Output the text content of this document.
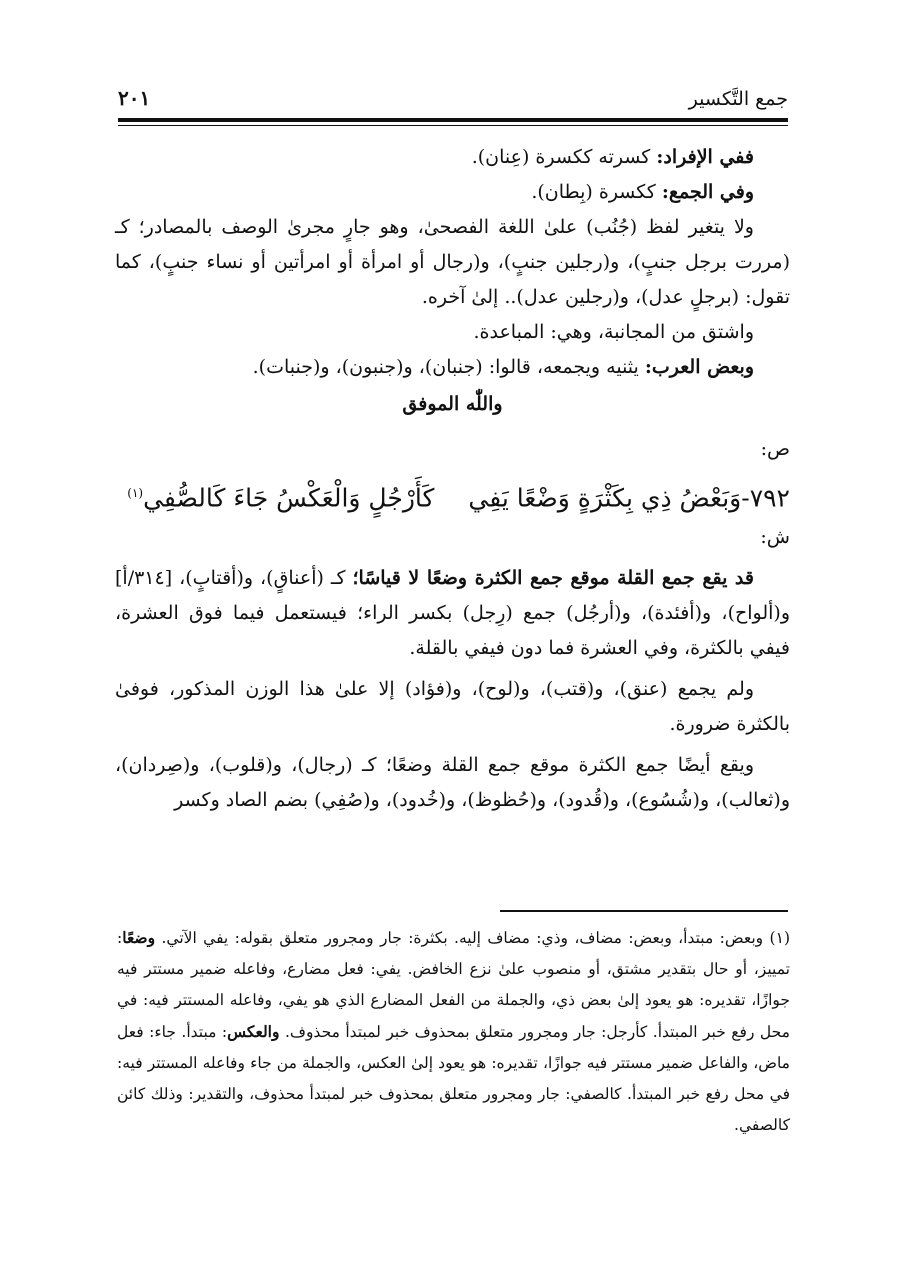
جمع التَّكسير
٢٠١

ففي الإفراد: كسرته ككسرة (عِنان).

وفي الجمع: ككسرة (بِطان).

ولا يتغير لفظ (جُنُب) علىٰ اللغة الفصحىٰ، وهو جارٍ مجرىٰ الوصف بالمصادر؛ كـ (مررت برجل جنبٍ)، و(رجلين جنبٍ)، و(رجال أو امرأة أو امرأتين أو نساء جنبٍ)، كما تقول: (برجلٍ عدل)، و(رجلين عدل).. إلىٰ آخره.

واشتق من المجانبة، وهي: المباعدة.

وبعض العرب: يثنيه ويجمعه، قالوا: (جنبان)، و(جنبون)، و(جنبات).

واللّٰه الموفق

ص:

٧٩٢-وَبَعْضُ ذِي بِكَثْرَةٍ وَضْعًا يَفِيكَأَرْجُلٍ وَالْعَكْسُ جَاءَ كَالصُّفِي$^{(١)}$

ش:

قد يقع جمع القلة موقع جمع الكثرة وضعًا لا قياسًا؛ كـ (أعناقٍ)، و(أقتابٍ)، [٣١٤/أ] و(ألواح)، و(أفئدة)، و(أرجُل) جمع (رِجل) بكسر الراء؛ فيستعمل فيما فوق العشرة، فيفي بالكثرة، وفي العشرة فما دون فيفي بالقلة.

ولم يجمع (عنق)، و(قتب)، و(لوح)، و(فؤاد) إلا علىٰ هذا الوزن المذكور، فوفىٰ بالكثرة ضرورة.

ويقع أيضًا جمع الكثرة موقع جمع القلة وضعًا؛ كـ (رجال)، و(قلوب)، و(صِردان)، و(ثعالب)، و(شُسُوع)، و(قُدود)، و(حُظوظ)، و(خُدود)، و(صُفِي) بضم الصاد وكسر

(١) وبعض: مبتدأ، وبعض: مضاف، وذي: مضاف إليه. بكثرة: جار ومجرور متعلق بقوله: يفي الآتي. وضعًا: تمييز، أو حال بتقدير مشتق، أو منصوب علىٰ نزع الخافض. يفي: فعل مضارع، وفاعله ضمير مستتر فيه جوازًا، تقديره: هو يعود إلىٰ بعض ذي، والجملة من الفعل المضارع الذي هو يفي، وفاعله المستتر فيه: في محل رفع خبر المبتدأ. كأرجل: جار ومجرور متعلق بمحذوف خبر لمبتدأ محذوف. والعكس: مبتدأ. جاء: فعل ماض، والفاعل ضمير مستتر فيه جوازًا، تقديره: هو يعود إلىٰ العكس، والجملة من جاء وفاعله المستتر فيه: في محل رفع خبر المبتدأ. كالصفي: جار ومجرور متعلق بمحذوف خبر لمبتدأ محذوف، والتقدير: وذلك كائن كالصفي.
